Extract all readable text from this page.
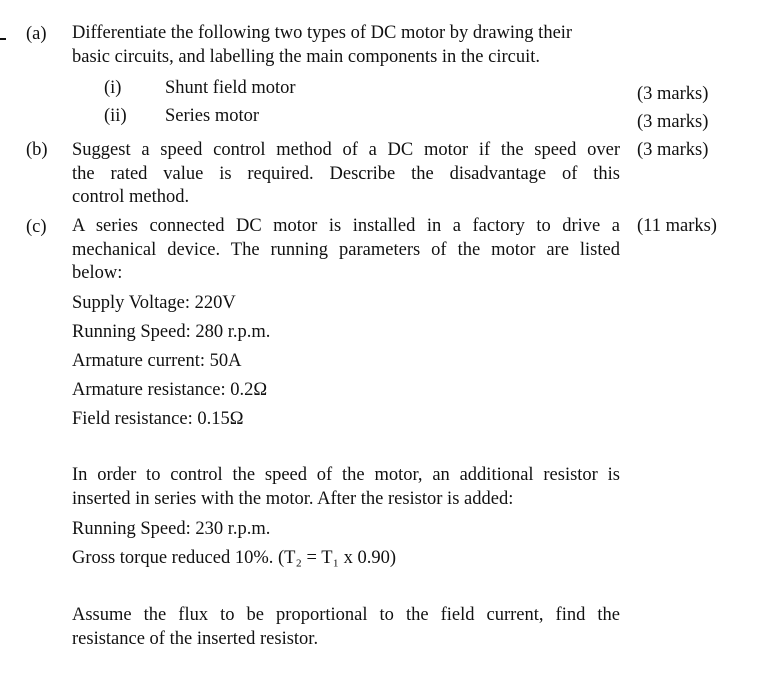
(a) Differentiate the following two types of DC motor by drawing their
basic circuits, and labelling the main components in the circuit.
(i) Shunt field motor	(3 marks)
(ii) Series motor	(3 marks)
(b) Suggest a speed control method of a DC motor if the speed over
the rated value is required. Describe the disadvantage of this
control method.
(3 marks)
(c) A series connected DC motor is installed in a factory to drive a
mechanical device. The running parameters of the motor are listed
below:
(11 marks)
Supply Voltage: 220V
Running Speed: 280 r.p.m.
Armature current: 50A
Armature resistance: 0.2Ω
Field resistance: 0.15Ω
In order to control the speed of the motor, an additional resistor is
inserted in series with the motor. After the resistor is added:
Running Speed: 230 r.p.m.
Gross torque reduced 10%. (T₂ = T₁ x 0.90)
Assume the flux to be proportional to the field current, find the
resistance of the inserted resistor.
